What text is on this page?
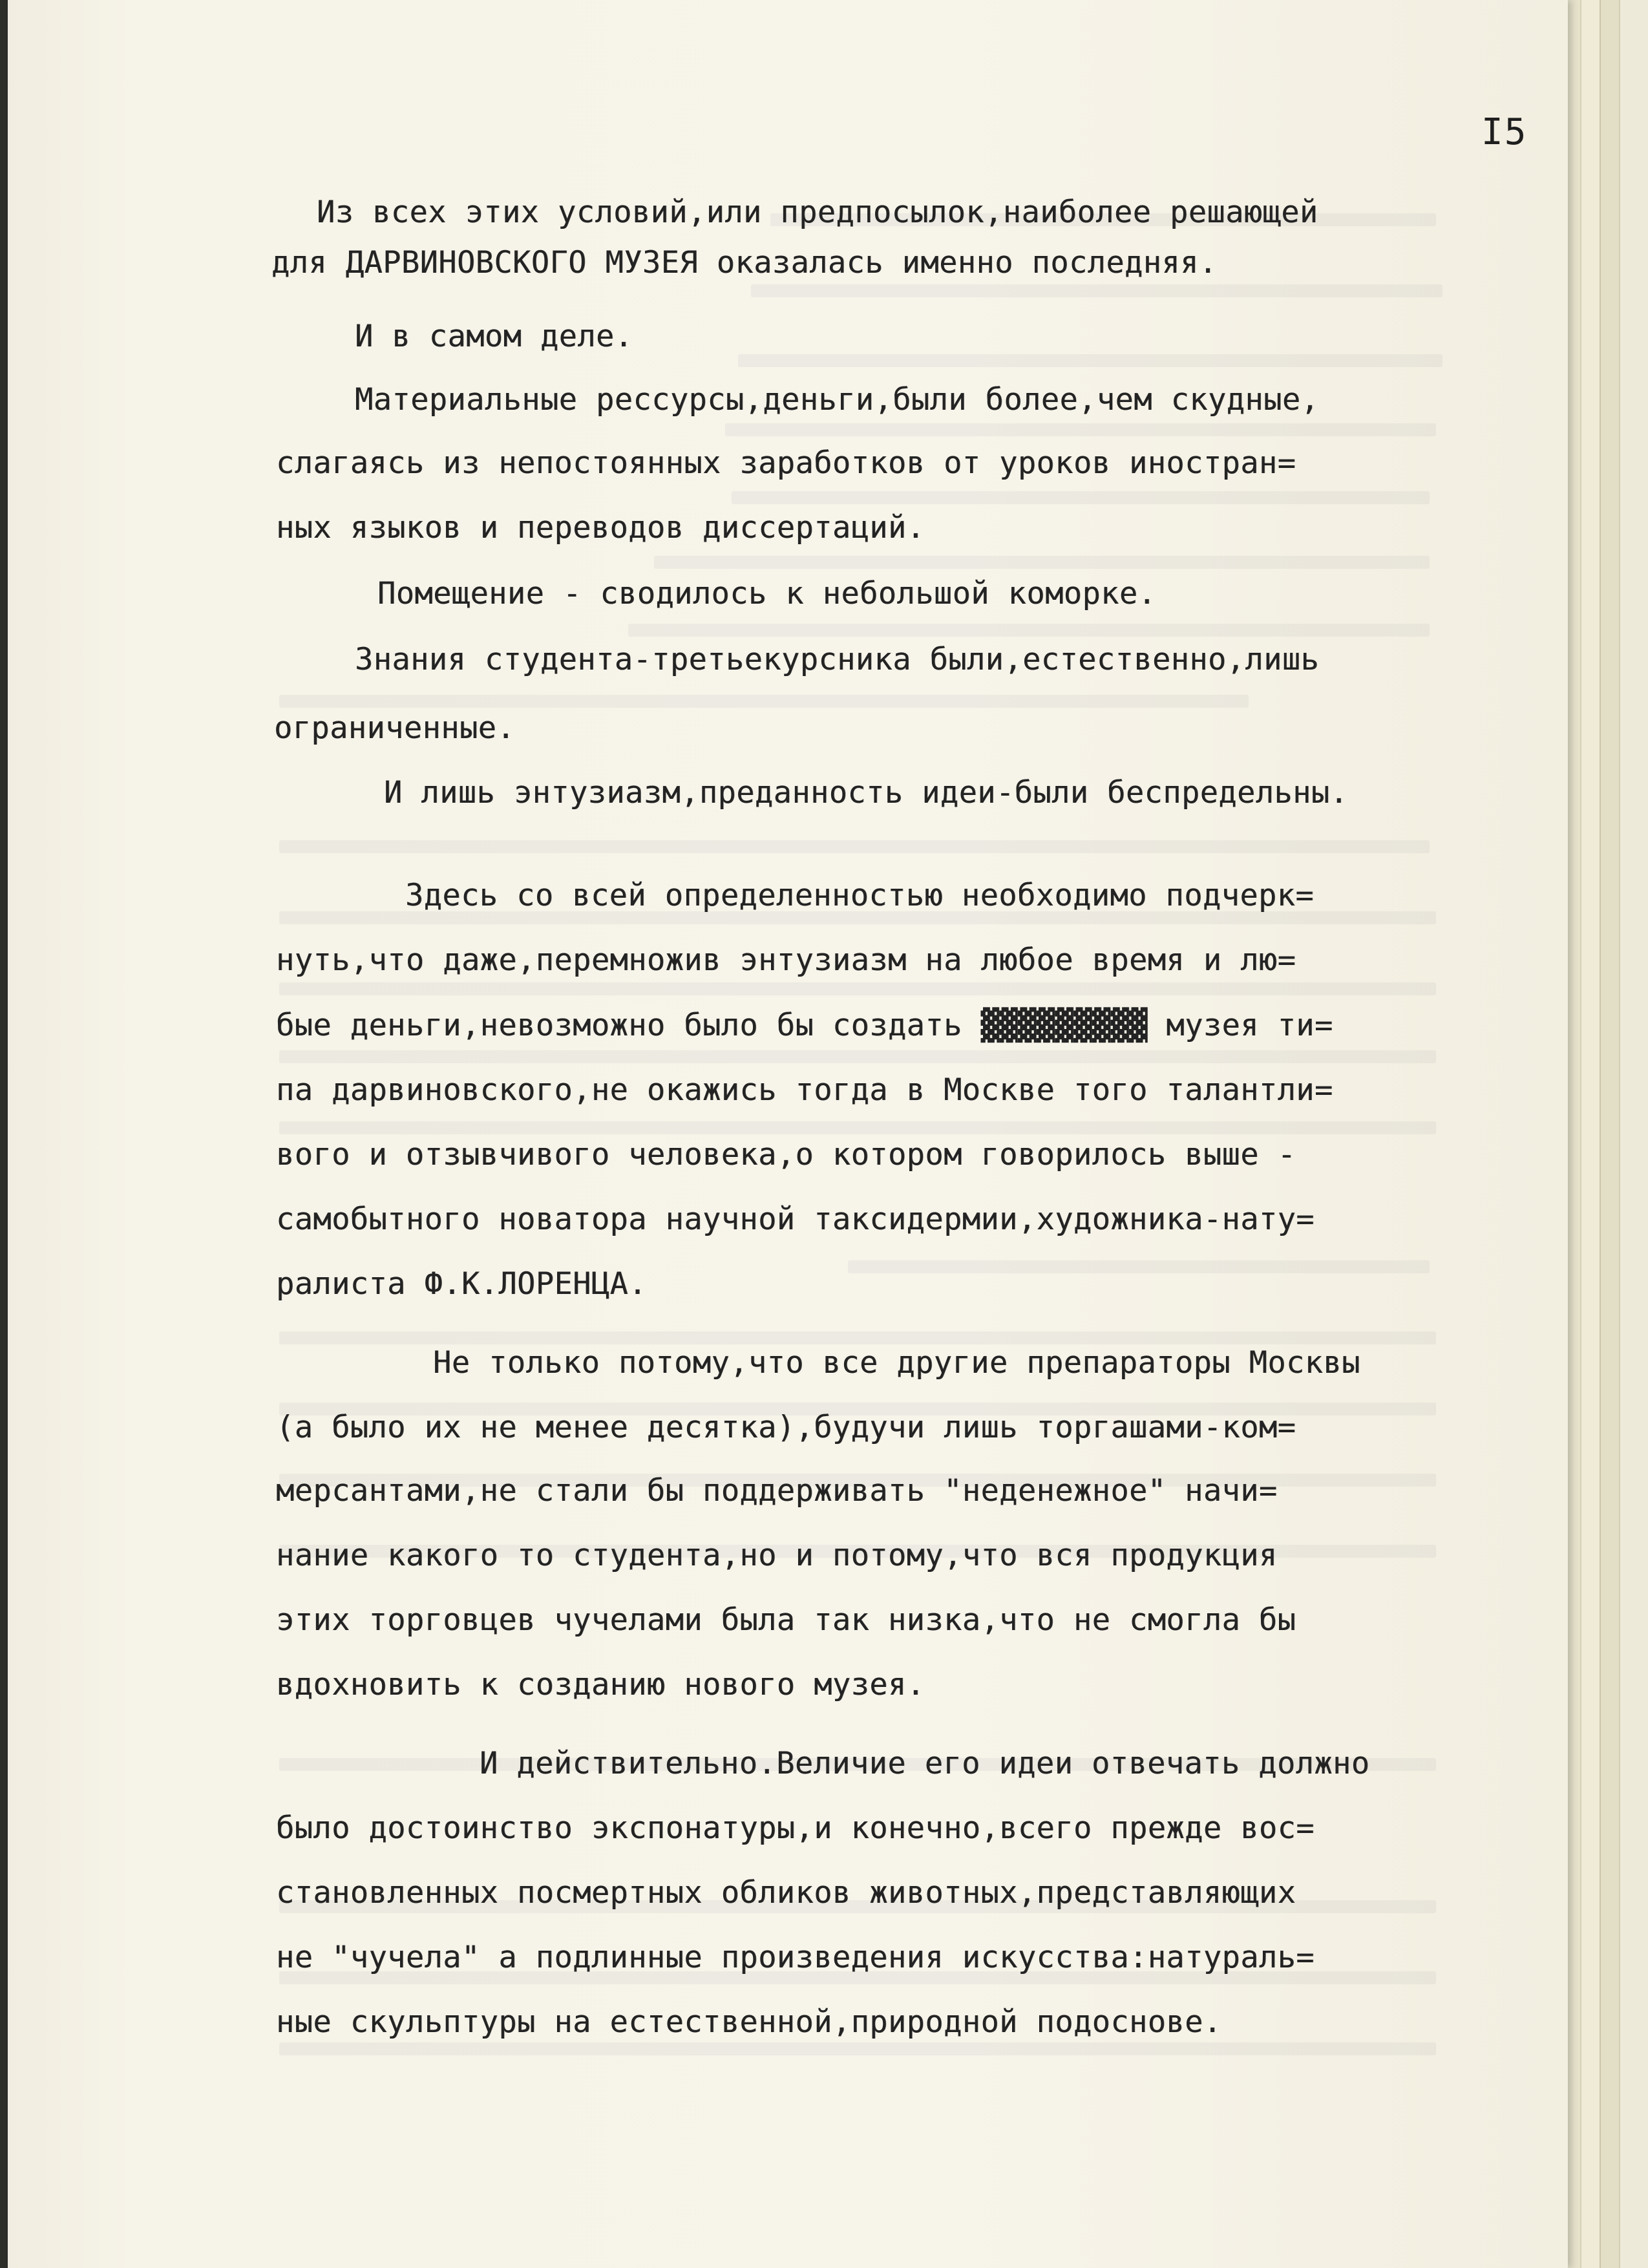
I5
Из всех этих условий,или предпосылок,наиболее решающей
для ДАРВИНОВСКОГО МУЗЕЯ оказалась именно последняя.
И в самом деле.
Материальные рессурсы,деньги,были более,чем скудные,
слагаясь из непостоянных заработков от уроков иностран=
ных языков и переводов диссертаций.
Помещение - сводилось к небольшой коморке.
Знания студента-третьекурсника были,естественно,лишь
ограниченные.
И лишь энтузиазм,преданность идеи-были беспредельны.
Здесь со всей определенностью необходимо подчерк=
нуть,что даже,перемножив энтузиазм на любое время и лю=
бые деньги,невозможно было бы создать ▓▓▓▓▓▓▓▓▓ музея ти=
па дарвиновского,не окажись тогда в Москве того талантли=
вого и отзывчивого человека,о котором говорилось выше -
самобытного новатора научной таксидермии,художника-нату=
ралиста Ф.К.ЛОРЕНЦА.
Не только потому,что все другие препараторы Москвы
(а было их не менее десятка),будучи лишь торгашами-ком=
мерсантами,не стали бы поддерживать "неденежное" начи=
нание какого то студента,но и потому,что вся продукция
этих торговцев чучелами была так низка,что не смогла бы
вдохновить к созданию нового музея.
И действительно.Величие его идеи отвечать должно
было достоинство экспонатуры,и конечно,всего прежде вос=
становленных посмертных обликов животных,представляющих
не "чучела" а подлинные произведения искусства:натураль=
ные скульптуры на естественной,природной подоснове.
